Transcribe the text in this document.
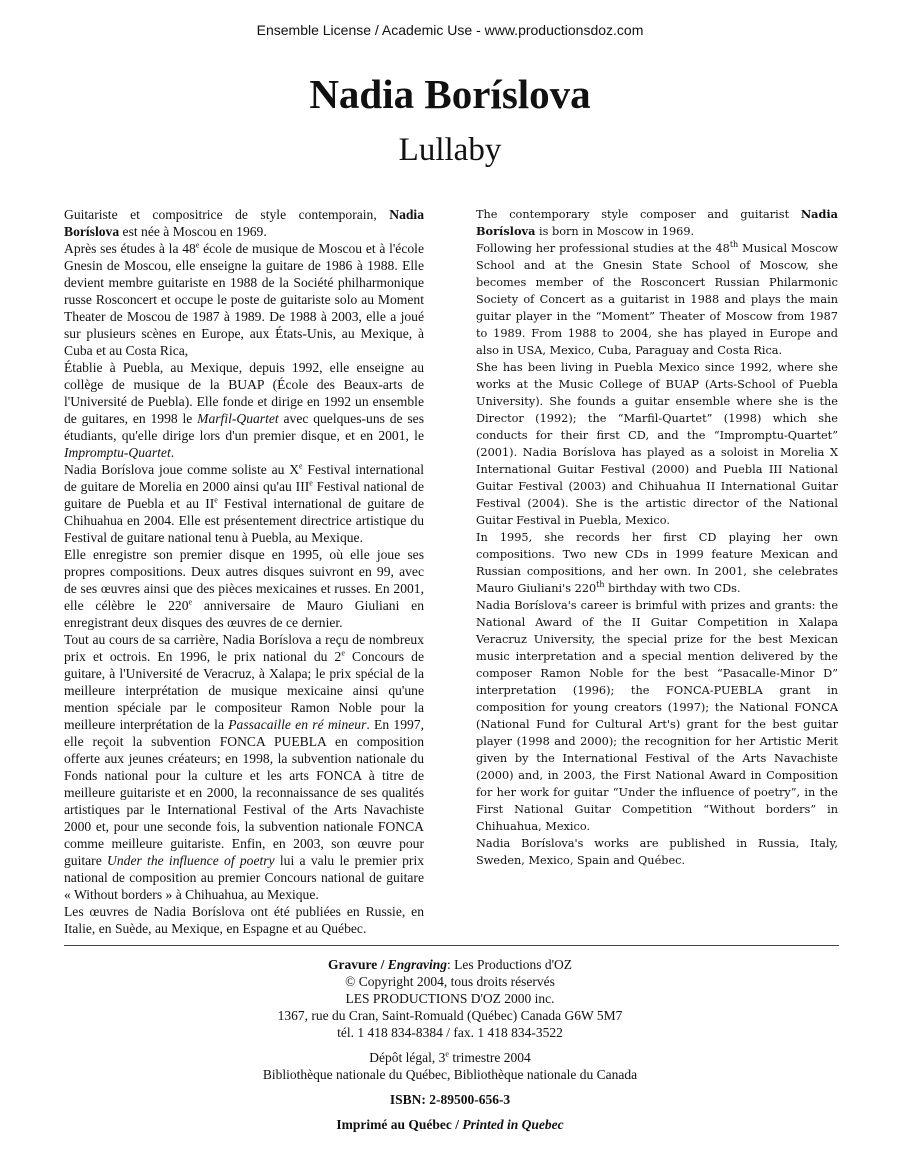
Ensemble License / Academic Use - www.productionsdoz.com
Nadia Boríslova
Lullaby

Guitariste et compositrice de style contemporain, Nadia Boríslova est née à Moscou en 1969.

Après ses études à la 48e école de musique de Moscou et à l'école Gnesin de Moscou, elle enseigne la guitare de 1986 à 1988. Elle devient membre guitariste en 1988 de la Société philharmonique russe Rosconcert et occupe le poste de guitariste solo au Moment Theater de Moscou de 1987 à 1989. De 1988 à 2003, elle a joué sur plusieurs scènes en Europe, aux États-Unis, au Mexique, à Cuba et au Costa Rica,

Établie à Puebla, au Mexique, depuis 1992, elle enseigne au collège de musique de la BUAP (École des Beaux-arts de l'Université de Puebla). Elle fonde et dirige en 1992 un ensemble de guitares, en 1998 le Marfil-Quartet avec quelques-uns de ses étudiants, qu'elle dirige lors d'un premier disque, et en 2001, le Impromptu-Quartet.

Nadia Boríslova joue comme soliste au Xe Festival international de guitare de Morelia en 2000 ainsi qu'au IIIe Festival national de guitare de Puebla et au IIe Festival international de guitare de Chihuahua en 2004. Elle est présentement directrice artistique du Festival de guitare national tenu à Puebla, au Mexique.

Elle enregistre son premier disque en 1995, où elle joue ses propres compositions. Deux autres disques suivront en 99, avec de ses œuvres ainsi que des pièces mexicaines et russes. En 2001, elle célèbre le 220e anniversaire de Mauro Giuliani en enregistrant deux disques des œuvres de ce dernier.

Tout au cours de sa carrière, Nadia Boríslova a reçu de nombreux prix et octrois. En 1996, le prix national du 2e Concours de guitare, à l'Université de Veracruz, à Xalapa; le prix spécial de la meilleure interprétation de musique mexicaine ainsi qu'une mention spéciale par le compositeur Ramon Noble pour la meilleure interprétation de la Passacaille en ré mineur. En 1997, elle reçoit la subvention FONCA PUEBLA en composition offerte aux jeunes créateurs; en 1998, la subvention nationale du Fonds national pour la culture et les arts FONCA à titre de meilleure guitariste et en 2000, la reconnaissance de ses qualités artistiques par le International Festival of the Arts Navachiste 2000 et, pour une seconde fois, la subvention nationale FONCA comme meilleure guitariste. Enfin, en 2003, son œuvre pour guitare Under the influence of poetry lui a valu le premier prix national de composition au premier Concours national de guitare « Without borders » à Chihuahua, au Mexique.

Les œuvres de Nadia Boríslova ont été publiées en Russie, en Italie, en Suède, au Mexique, en Espagne et au Québec.

The contemporary style composer and guitarist Nadia Boríslova is born in Moscow in 1969.

Following her professional studies at the 48th Musical Moscow School and at the Gnesin State School of Moscow, she becomes member of the Rosconcert Russian Philarmonic Society of Concert as a guitarist in 1988 and plays the main guitar player in the “Moment” Theater of Moscow from 1987 to 1989. From 1988 to 2004, she has played in Europe and also in USA, Mexico, Cuba, Paraguay and Costa Rica.

She has been living in Puebla Mexico since 1992, where she works at the Music College of BUAP (Arts-School of Puebla University). She founds a guitar ensemble where she is the Director (1992); the “Marfil-Quartet” (1998) which she conducts for their first CD, and the “Impromptu-Quartet” (2001). Nadia Boríslova has played as a soloist in Morelia X International Guitar Festival (2000) and Puebla III National Guitar Festival (2003) and Chihuahua II International Guitar Festival (2004). She is the artistic director of the National Guitar Festival in Puebla, Mexico.

In 1995, she records her first CD playing her own compositions. Two new CDs in 1999 feature Mexican and Russian compositions, and her own. In 2001, she celebrates Mauro Giuliani's 220th birthday with two CDs.

Nadia Boríslova's career is brimful with prizes and grants: the National Award of the II Guitar Competition in Xalapa Veracruz University, the special prize for the best Mexican music interpretation and a special mention delivered by the composer Ramon Noble for the best “Pasacalle-Minor D” interpretation (1996); the FONCA-PUEBLA grant in composition for young creators (1997); the National FONCA (National Fund for Cultural Art's) grant for the best guitar player (1998 and 2000); the recognition for her Artistic Merit given by the International Festival of the Arts Navachiste (2000) and, in 2003, the First National Award in Composition for her work for guitar “Under the influence of poetry”, in the First National Guitar Competition “Without borders” in Chihuahua, Mexico.

Nadia Boríslova's works are published in Russia, Italy, Sweden, Mexico, Spain and Québec.

Gravure / Engraving: Les Productions d'OZ

© Copyright 2004, tous droits réservés

LES PRODUCTIONS D'OZ 2000 inc.

1367, rue du Cran, Saint-Romuald (Québec) Canada G6W 5M7

tél. 1 418 834-8384 / fax. 1 418 834-3522

Dépôt légal, 3e trimestre 2004

Bibliothèque nationale du Québec, Bibliothèque nationale du Canada

ISBN: 2-89500-656-3

Imprimé au Québec / Printed in Quebec
